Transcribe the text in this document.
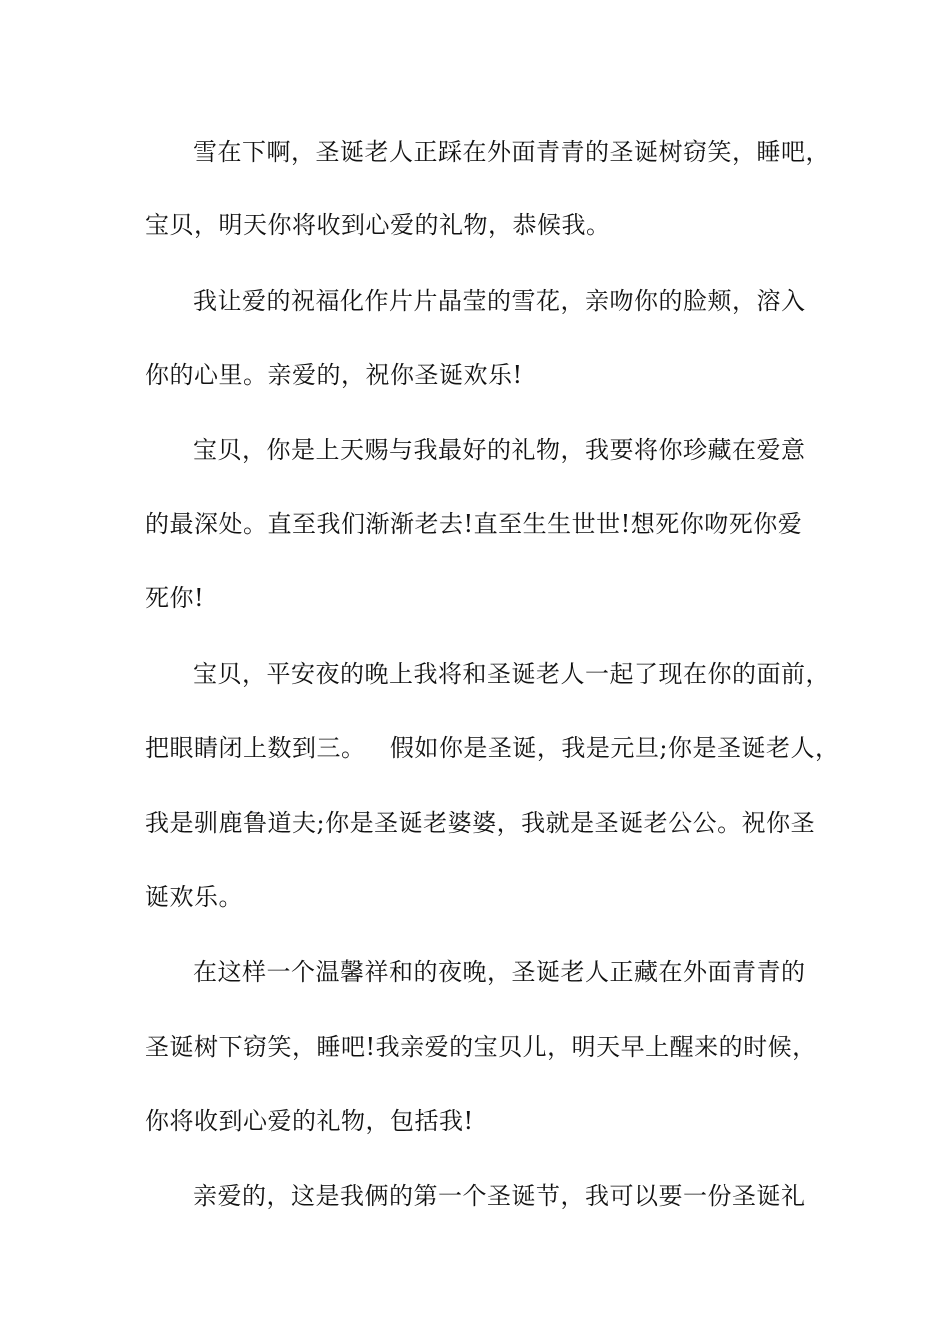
雪在下啊，圣诞老人正踩在外面青青的圣诞树窃笑，睡吧，
宝贝，明天你将收到心爱的礼物，恭候我。
我让爱的祝福化作片片晶莹的雪花，亲吻你的脸颊，溶入
你的心里。亲爱的，祝你圣诞欢乐!
宝贝，你是上天赐与我最好的礼物，我要将你珍藏在爱意
的最深处。直至我们渐渐老去!直至生生世世!想死你吻死你爱
死你!
宝贝，平安夜的晚上我将和圣诞老人一起了现在你的面前，
把眼睛闭上数到三。   假如你是圣诞，我是元旦;你是圣诞老人，
我是驯鹿鲁道夫;你是圣诞老婆婆，我就是圣诞老公公。祝你圣
诞欢乐。
在这样一个温馨祥和的夜晚，圣诞老人正藏在外面青青的
圣诞树下窃笑，睡吧!我亲爱的宝贝儿，明天早上醒来的时候，
你将收到心爱的礼物，包括我!
亲爱的，这是我俩的第一个圣诞节，我可以要一份圣诞礼
